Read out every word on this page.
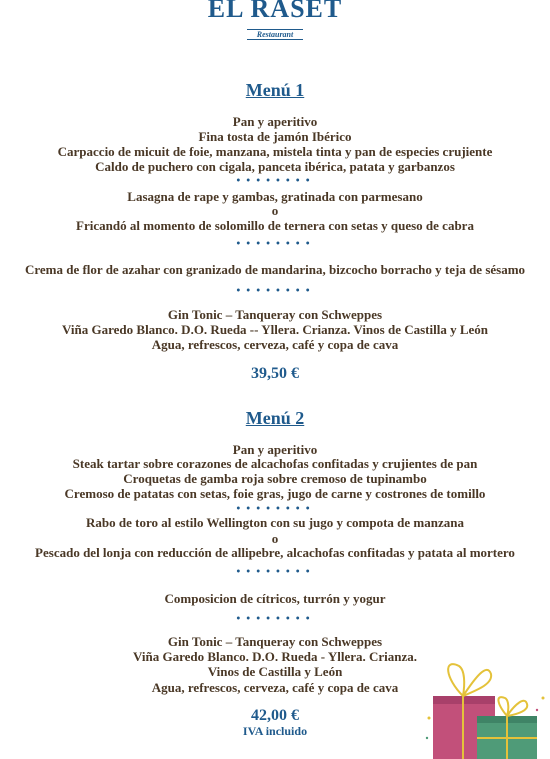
EL RASET
Restaurant

Menú 1

Pan y aperitivo

Fina tosta de jamón Ibérico

Carpaccio de micuit de foie, manzana, mistela tinta y pan de especies crujiente

Caldo de puchero con cigala, panceta ibérica, patata y garbanzos

••••••••

Lasagna de rape y gambas, gratinada con parmesano

o

Fricandó al momento de solomillo de ternera con setas y queso de cabra

••••••••

Crema de flor de azahar con granizado de mandarina, bizcocho borracho y teja de sésamo

••••••••

Gin Tonic – Tanqueray con Schweppes

Viña Garedo Blanco. D.O. Rueda -- Yllera. Crianza. Vinos de Castilla y León

Agua, refrescos, cerveza, café y copa de cava

39,50 €

Menú 2

Pan y aperitivo

Steak tartar sobre corazones de alcachofas confitadas y crujientes de pan

Croquetas de gamba roja sobre cremoso de tupinambo

Cremoso de patatas con setas, foie gras, jugo de carne y costrones de tomillo

••••••••

Rabo de toro al estilo Wellington con su jugo y compota de manzana

o

Pescado del lonja con reducción de allipebre, alcachofas confitadas y patata al mortero

••••••••

Composicion de cítricos, turrón y yogur

••••••••

Gin Tonic – Tanqueray con Schweppes

Viña Garedo Blanco. D.O. Rueda - Yllera. Crianza.

Vinos de Castilla y León

Agua, refrescos, cerveza, café y copa de cava

42,00 €

IVA incluido
